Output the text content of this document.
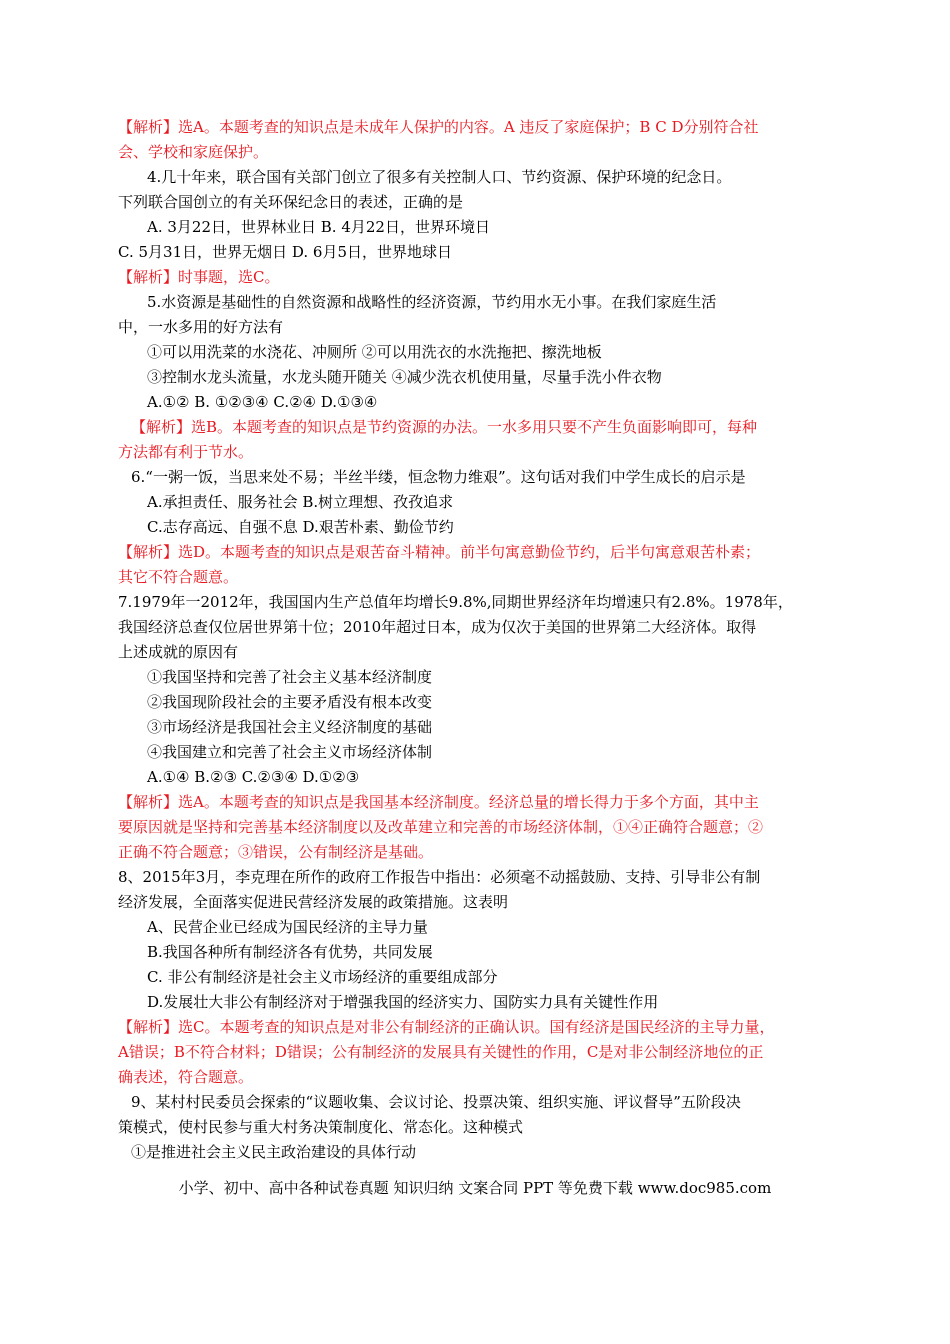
【解析】选A。本题考查的知识点是未成年人保护的内容。A 违反了家庭保护；B C D分别符合社
会、学校和家庭保护。
4.几十年来，联合国有关部门创立了很多有关控制人口、节约资源、保护环境的纪念日。
下列联合国创立的有关环保纪念日的表述，正确的是
A. 3月22日，世界林业日 B. 4月22日，世界环境日
C. 5月31日，世界无烟日 D. 6月5日，世界地球日
【解析】时事题，选C。
5.水资源是基础性的自然资源和战略性的经济资源，节约用水无小事。在我们家庭生活
中，一水多用的好方法有
①可以用洗菜的水浇花、冲厕所 ②可以用洗衣的水洗拖把、擦洗地板
③控制水龙头流量，水龙头随开随关 ④减少洗衣机使用量，尽量手洗小件衣物
A.①② B. ①②③④ C.②④ D.①③④
【解析】选B。本题考查的知识点是节约资源的办法。一水多用只要不产生负面影响即可，每种
方法都有利于节水。
6.“一粥一饭，当思来处不易；半丝半缕，恒念物力维艰”。这句话对我们中学生成长的启示是
A.承担责任、服务社会 B.树立理想、孜孜追求
C.志存高远、自强不息 D.艰苦朴素、勤俭节约
【解析】选D。本题考查的知识点是艰苦奋斗精神。前半句寓意勤俭节约，后半句寓意艰苦朴素；
其它不符合题意。
7.1979年一2012年，我国国内生产总值年均增长9.8%,同期世界经济年均增速只有2.8%。1978年，
我国经济总查仅位居世界第十位；2010年超过日本，成为仅次于美国的世界第二大经济体。取得
上述成就的原因有
①我国坚持和完善了社会主义基本经济制度
②我国现阶段社会的主要矛盾没有根本改变
③市场经济是我国社会主义经济制度的基础
④我国建立和完善了社会主义市场经济体制
A.①④ B.②③ C.②③④ D.①②③
【解析】选A。本题考查的知识点是我国基本经济制度。经济总量的增长得力于多个方面，其中主
要原因就是坚持和完善基本经济制度以及改革建立和完善的市场经济体制，①④正确符合题意；②
正确不符合题意；③错误，公有制经济是基础。
8、2015年3月，李克理在所作的政府工作报告中指出：必须毫不动摇鼓励、支持、引导非公有制
经济发展，全面落实促进民营经济发展的政策措施。这表明
A、民营企业已经成为国民经济的主导力量
B.我国各种所有制经济各有优势，共同发展
C. 非公有制经济是社会主义市场经济的重要组成部分
D.发展壮大非公有制经济对于增强我国的经济实力、国防实力具有关键性作用
【解析】选C。本题考查的知识点是对非公有制经济的正确认识。国有经济是国民经济的主导力量，
A错误；B不符合材料；D错误；公有制经济的发展具有关键性的作用，C是对非公制经济地位的正
确表述，符合题意。
9、某村村民委员会探索的“议题收集、会议讨论、投票决策、组织实施、评议督导”五阶段决
策模式，使村民参与重大村务决策制度化、常态化。这种模式
①是推进社会主义民主政治建设的具体行动
小学、初中、高中各种试卷真题 知识归纳 文案合同 PPT 等免费下载 www.doc985.com
